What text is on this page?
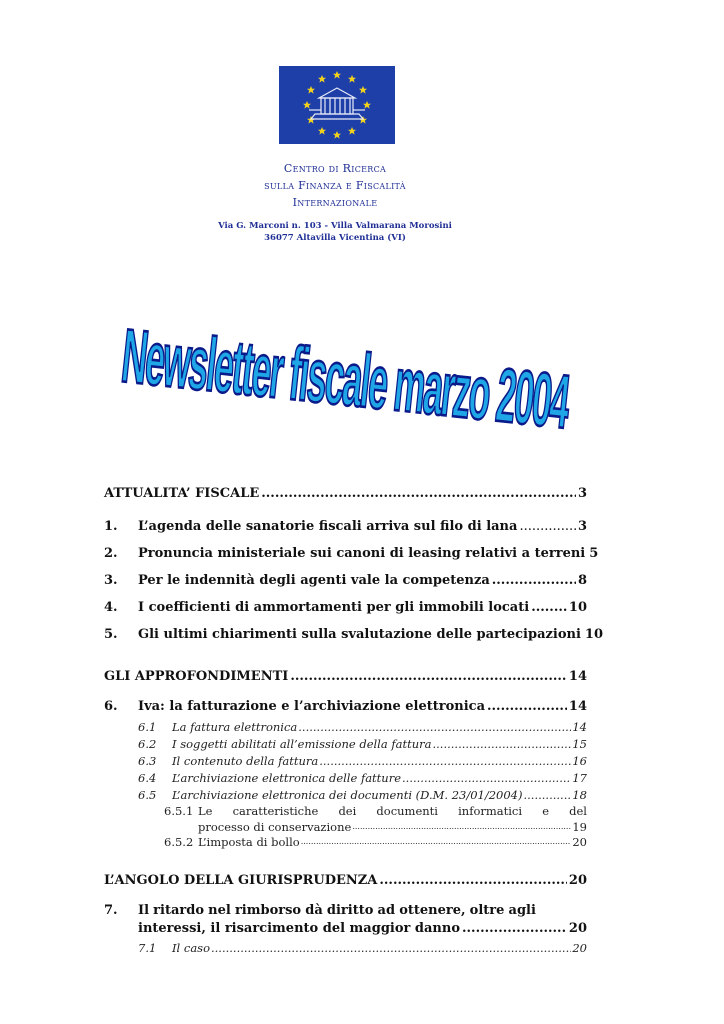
Centro di Ricerca
sulla Finanza e Fiscalità
Internazionale
Via G. Marconi n. 103 - Villa Valmarana Morosini
36077 Altavilla Vicentina (VI)
Newsletter fiscale marzo 2004
ATTUALITA’ FISCALE .....	3
1.	L’agenda delle sanatorie fiscali arriva sul filo di lana .....	3
2.	Pronuncia ministeriale sui canoni di leasing relativi a terreni 5
3.	Per le indennità degli agenti vale la competenza .....	8
4.	I coefficienti di ammortamenti per gli immobili locati .....	10
5.	Gli ultimi chiarimenti sulla svalutazione delle partecipazioni 10
GLI APPROFONDIMENTI .....	14
6.	Iva: la fatturazione e l’archiviazione elettronica .....	14
6.1	La fattura elettronica .....	14
6.2	I soggetti abilitati all’emissione della fattura .....	15
6.3	Il contenuto della fattura .....	16
6.4	L’archiviazione elettronica delle fatture .....	17
6.5	L’archiviazione elettronica dei documenti (D.M. 23/01/2004) .....	18
6.5.1 Le caratteristiche dei documenti informatici e del
processo di conservazione .....	19
6.5.2 L’imposta di bollo .....	20
L’ANGOLO DELLA GIURISPRUDENZA .....	20
7.	Il ritardo nel rimborso dà diritto ad ottenere, oltre agli
interessi, il risarcimento del maggior danno .....	20
7.1	Il caso .....	20
